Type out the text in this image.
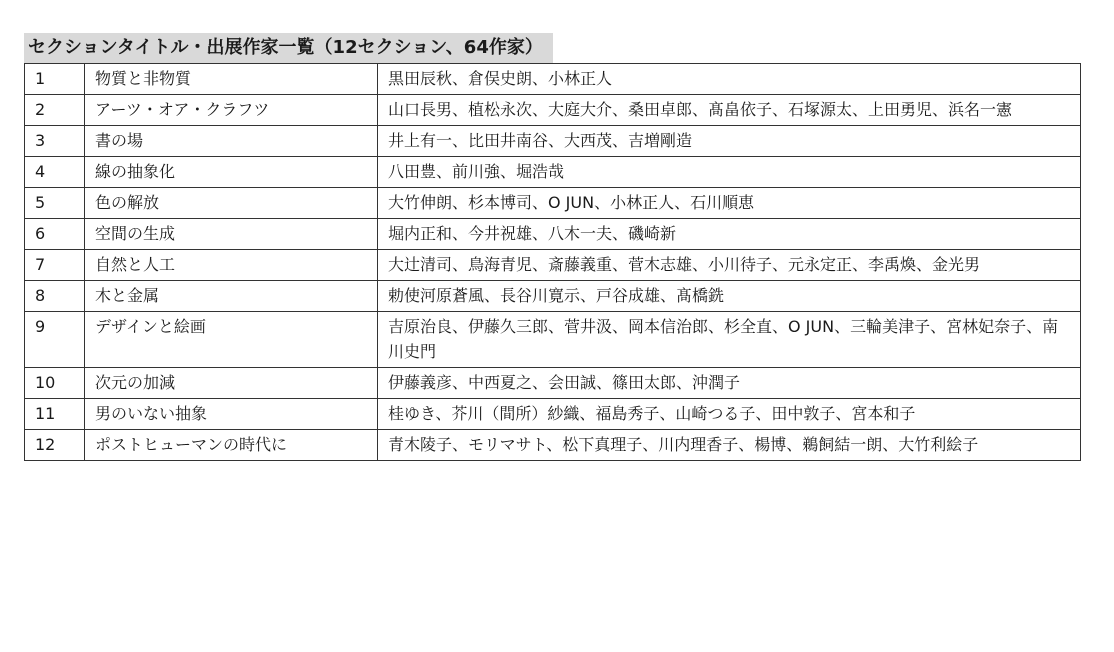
セクションタイトル・出展作家一覧（12セクション、64作家）
1	物質と非物質	黒田辰秋、倉俣史朗、小林正人
2	アーツ・オア・クラフツ	山口長男、植松永次、大庭大介、桑田卓郎、髙畠依子、石塚源太、上田勇児、浜名一憲
3	書の場	井上有一、比田井南谷、大西茂、吉増剛造
4	線の抽象化	八田豊、前川強、堀浩哉
5	色の解放	大竹伸朗、杉本博司、O JUN、小林正人、石川順恵
6	空間の生成	堀内正和、今井祝雄、八木一夫、磯崎新
7	自然と人工	大辻清司、鳥海青児、斎藤義重、菅木志雄、小川待子、元永定正、李禹煥、金光男
8	木と金属	勅使河原蒼風、長谷川寛示、戸谷成雄、髙橋銑
9	デザインと絵画	吉原治良、伊藤久三郎、菅井汲、岡本信治郎、杉全直、O JUN、三輪美津子、宮林妃奈子、南川史門
10	次元の加減	伊藤義彦、中西夏之、会田誠、篠田太郎、沖潤子
11	男のいない抽象	桂ゆき、芥川（間所）紗織、福島秀子、山崎つる子、田中敦子、宮本和子
12	ポストヒューマンの時代に	青木陵子、モリマサト、松下真理子、川内理香子、楊博、鵜飼結一朗、大竹利絵子
